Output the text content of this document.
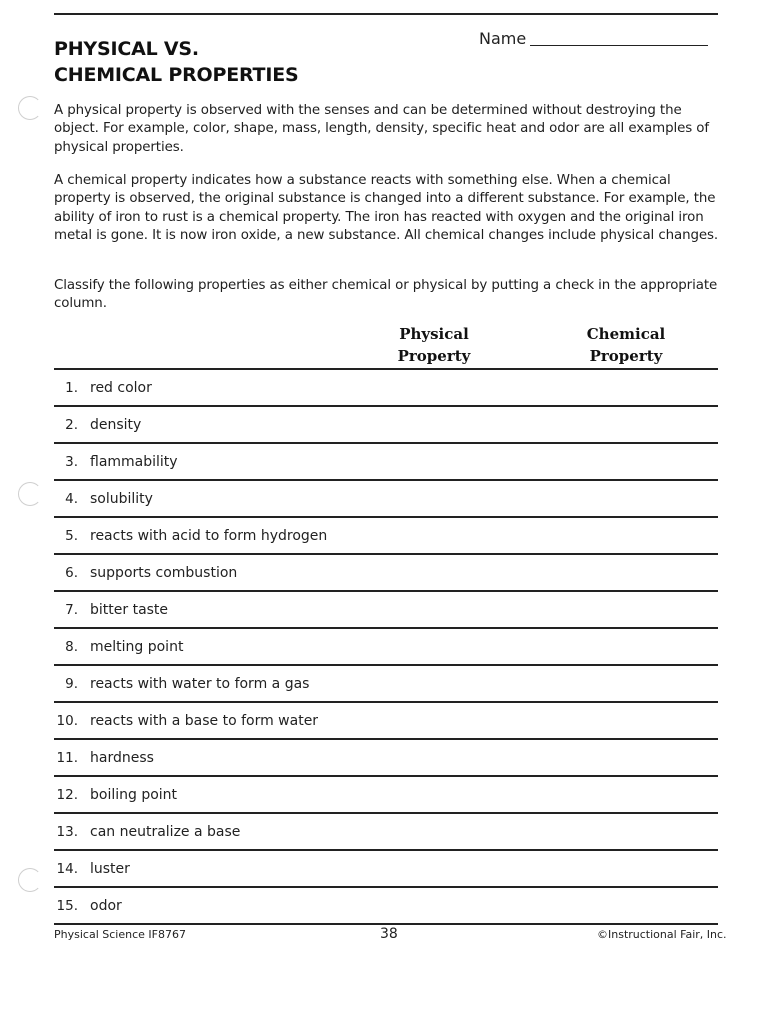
PHYSICAL VS.
CHEMICAL PROPERTIES
Name

A physical property is observed with the senses and can be determined without destroying the object. For example, color, shape, mass, length, density, specific heat and odor are all examples of physical properties.

A chemical property indicates how a substance reacts with something else. When a chemical property is observed, the original substance is changed into a different substance. For example, the ability of iron to rust is a chemical property. The iron has reacted with oxygen and the original iron metal is gone. It is now iron oxide, a new substance. All chemical changes include physical changes.

Classify the following properties as either chemical or physical by putting a check in the appropriate column.

Physical Property
Chemical Property
1. red color
2. density
3. flammability
4. solubility
5. reacts with acid to form hydrogen
6. supports combustion
7. bitter taste
8. melting point
9. reacts with water to form a gas
10. reacts with a base to form water
11. hardness
12. boiling point
13. can neutralize a base
14. luster
15. odor
Physical Science IF8767	38	©Instructional Fair, Inc.
